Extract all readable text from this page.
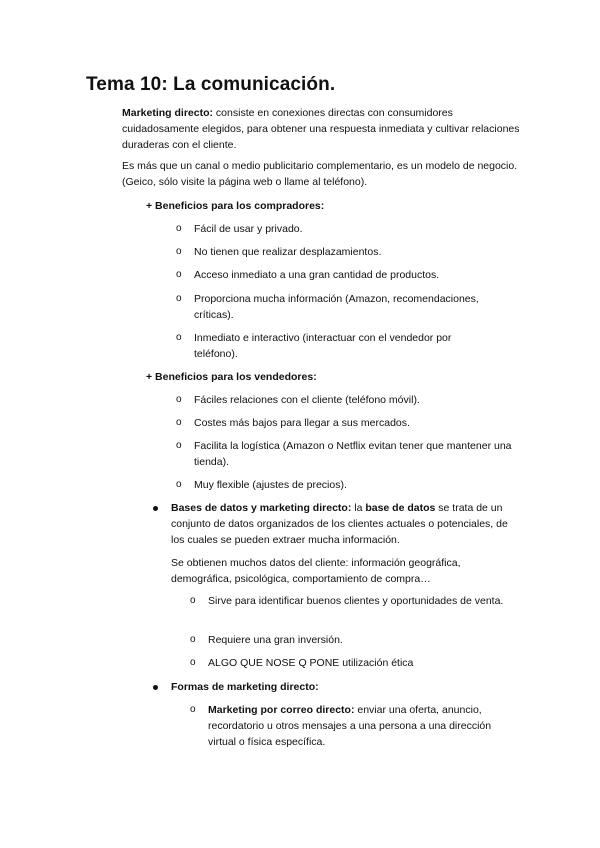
Tema 10: La comunicación.

Marketing directo: consiste en conexiones directas con consumidores cuidadosamente elegidos, para obtener una respuesta inmediata y cultivar relaciones duraderas con el cliente.

Es más que un canal o medio publicitario complementario, es un modelo de negocio. (Geico, sólo visite la página web o llame al teléfono).

+ Beneficios para los compradores:
o Fácil de usar y privado.

o No tienen que realizar desplazamientos.

o Acceso inmediato a una gran cantidad de productos.

o Proporciona mucha información (Amazon, recomendaciones, críticas).

o Inmediato e interactivo (interactuar con el vendedor por teléfono).

+ Beneficios para los vendedores:
o Fáciles relaciones con el cliente (teléfono móvil).

o Costes más bajos para llegar a sus mercados.

o Facilita la logística (Amazon o Netflix evitan tener que mantener una tienda).

o Muy flexible (ajustes de precios).

Bases de datos y marketing directo: la base de datos se trata de un conjunto de datos organizados de los clientes actuales o potenciales, de los cuales se pueden extraer mucha información.

Se obtienen muchos datos del cliente: información geográfica, demográfica, psicológica, comportamiento de compra…

o Sirve para identificar buenos clientes y oportunidades de venta.

o Requiere una gran inversión.

o ALGO QUE NOSE Q PONE utilización ética

Formas de marketing directo:
o Marketing por correo directo: enviar una oferta, anuncio, recordatorio u otros mensajes a una persona a una dirección virtual o física específica.
